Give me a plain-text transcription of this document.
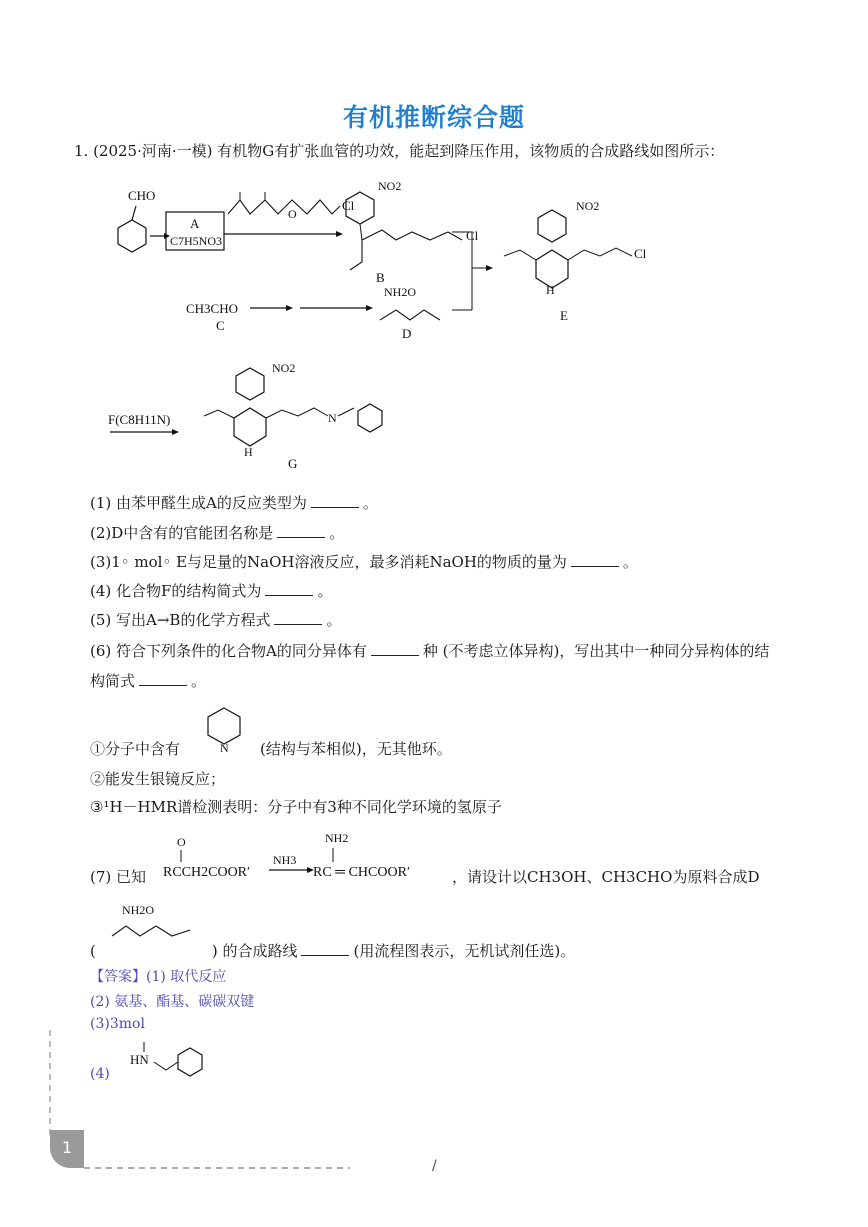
有机推断综合题
1. (2025·河南·一模) 有机物G有扩张血管的功效，能起到降压作用，该物质的合成路线如图所示：
CHO
A
C7H5NO3
O
Cl
NO2
Cl
B
CH3CHO
C
NH2O
D
NO2
H
Cl
E
F(C8H11N)
NO2
H
N
G
(1) 由苯甲醛生成A的反应类型为	。
(2)D中含有的官能团名称是	。
(3)1◦ mol◦ E与足量的NaOH溶液反应，最多消耗NaOH的物质的量为	。
(4) 化合物F的结构简式为	。
(5) 写出A→B的化学方程式	。
(6) 符合下列条件的化合物A的同分异体有	种 (不考虑立体异构)，写出其中一种同分异构体的结
构简式	。
①分子中含有	(结构与苯相似)，无其他环。
N
②能发生银镜反应；
③¹H－HMR谱检测表明：分子中有3种不同化学环境的氢原子
(7) 已知
O
RCCH2COOR′
NH3
NH2
RC ═ CHCOOR′	，请设计以CH3OH、CH3CHO为原料合成D
(	) 的合成路线	(用流程图表示，无机试剂任选)。
NH2O
【答案】(1) 取代反应
(2) 氨基、酯基、碳碳双键
(3)3mol
(4)
HN
1
/
